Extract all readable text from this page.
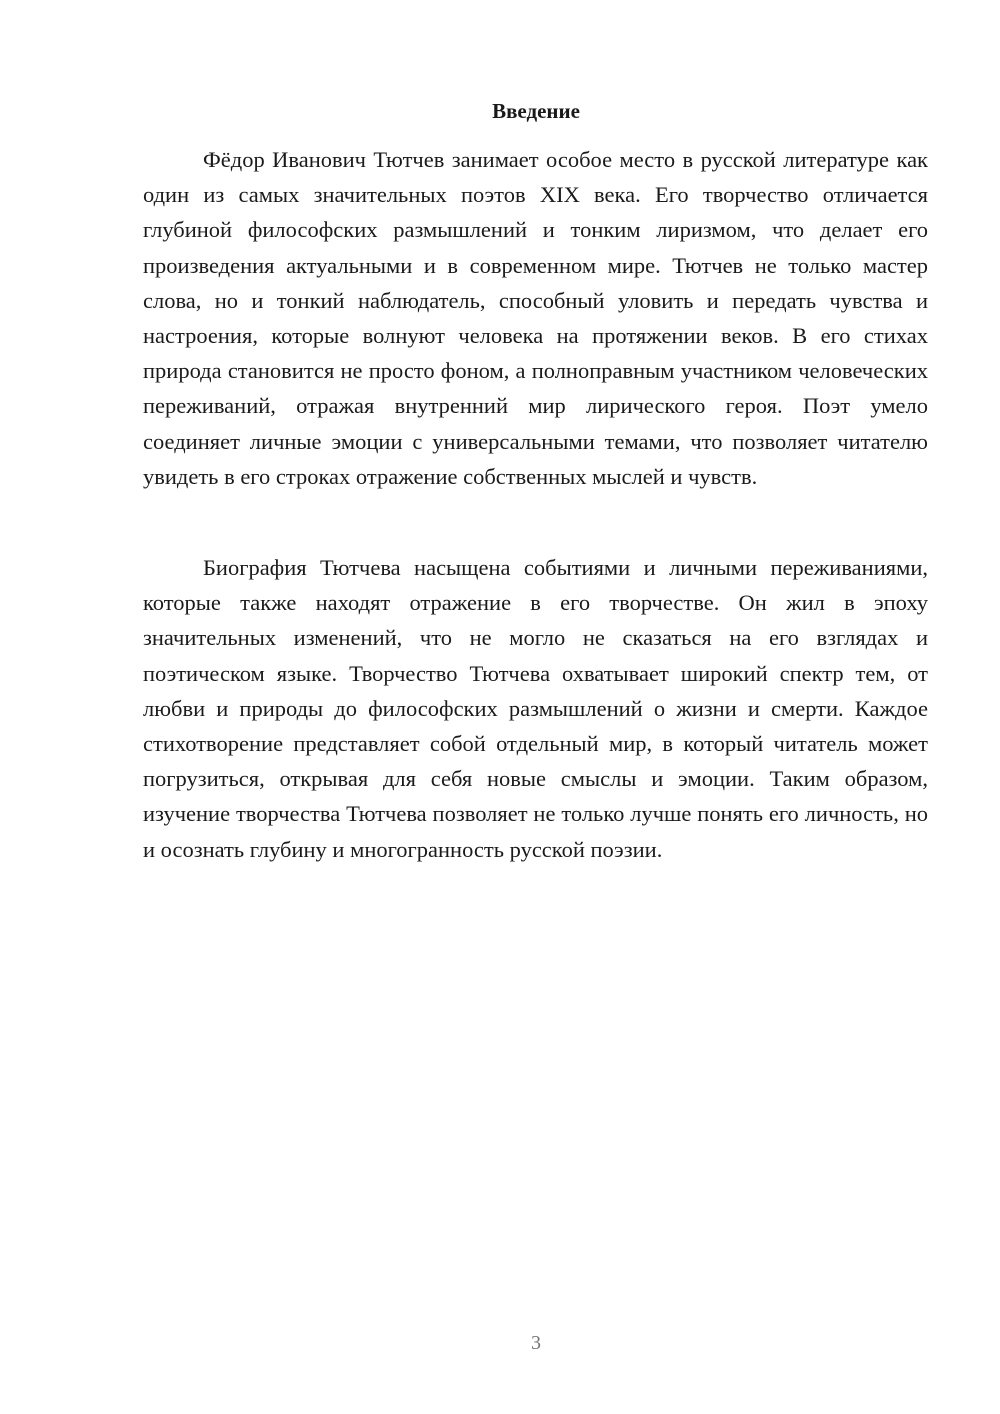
Введение

Фёдор Иванович Тютчев занимает особое место в русской литературе как один из самых значительных поэтов XIX века. Его творчество отличается глубиной философских размышлений и тонким лиризмом, что делает его произведения актуальными и в современном мире. Тютчев не только мастер слова, но и тонкий наблюдатель, способный уловить и передать чувства и настроения, которые волнуют человека на протяжении веков. В его стихах природа становится не просто фоном, а полноправным участником человеческих переживаний, отражая внутренний мир лирического героя. Поэт умело соединяет личные эмоции с универсальными темами, что позволяет читателю увидеть в его строках отражение собственных мыслей и чувств.

Биография Тютчева насыщена событиями и личными переживаниями, которые также находят отражение в его творчестве. Он жил в эпоху значительных изменений, что не могло не сказаться на его взглядах и поэтическом языке. Творчество Тютчева охватывает широкий спектр тем, от любви и природы до философских размышлений о жизни и смерти. Каждое стихотворение представляет собой отдельный мир, в который читатель может погрузиться, открывая для себя новые смыслы и эмоции. Таким образом, изучение творчества Тютчева позволяет не только лучше понять его личность, но и осознать глубину и многогранность русской поэзии.

3
